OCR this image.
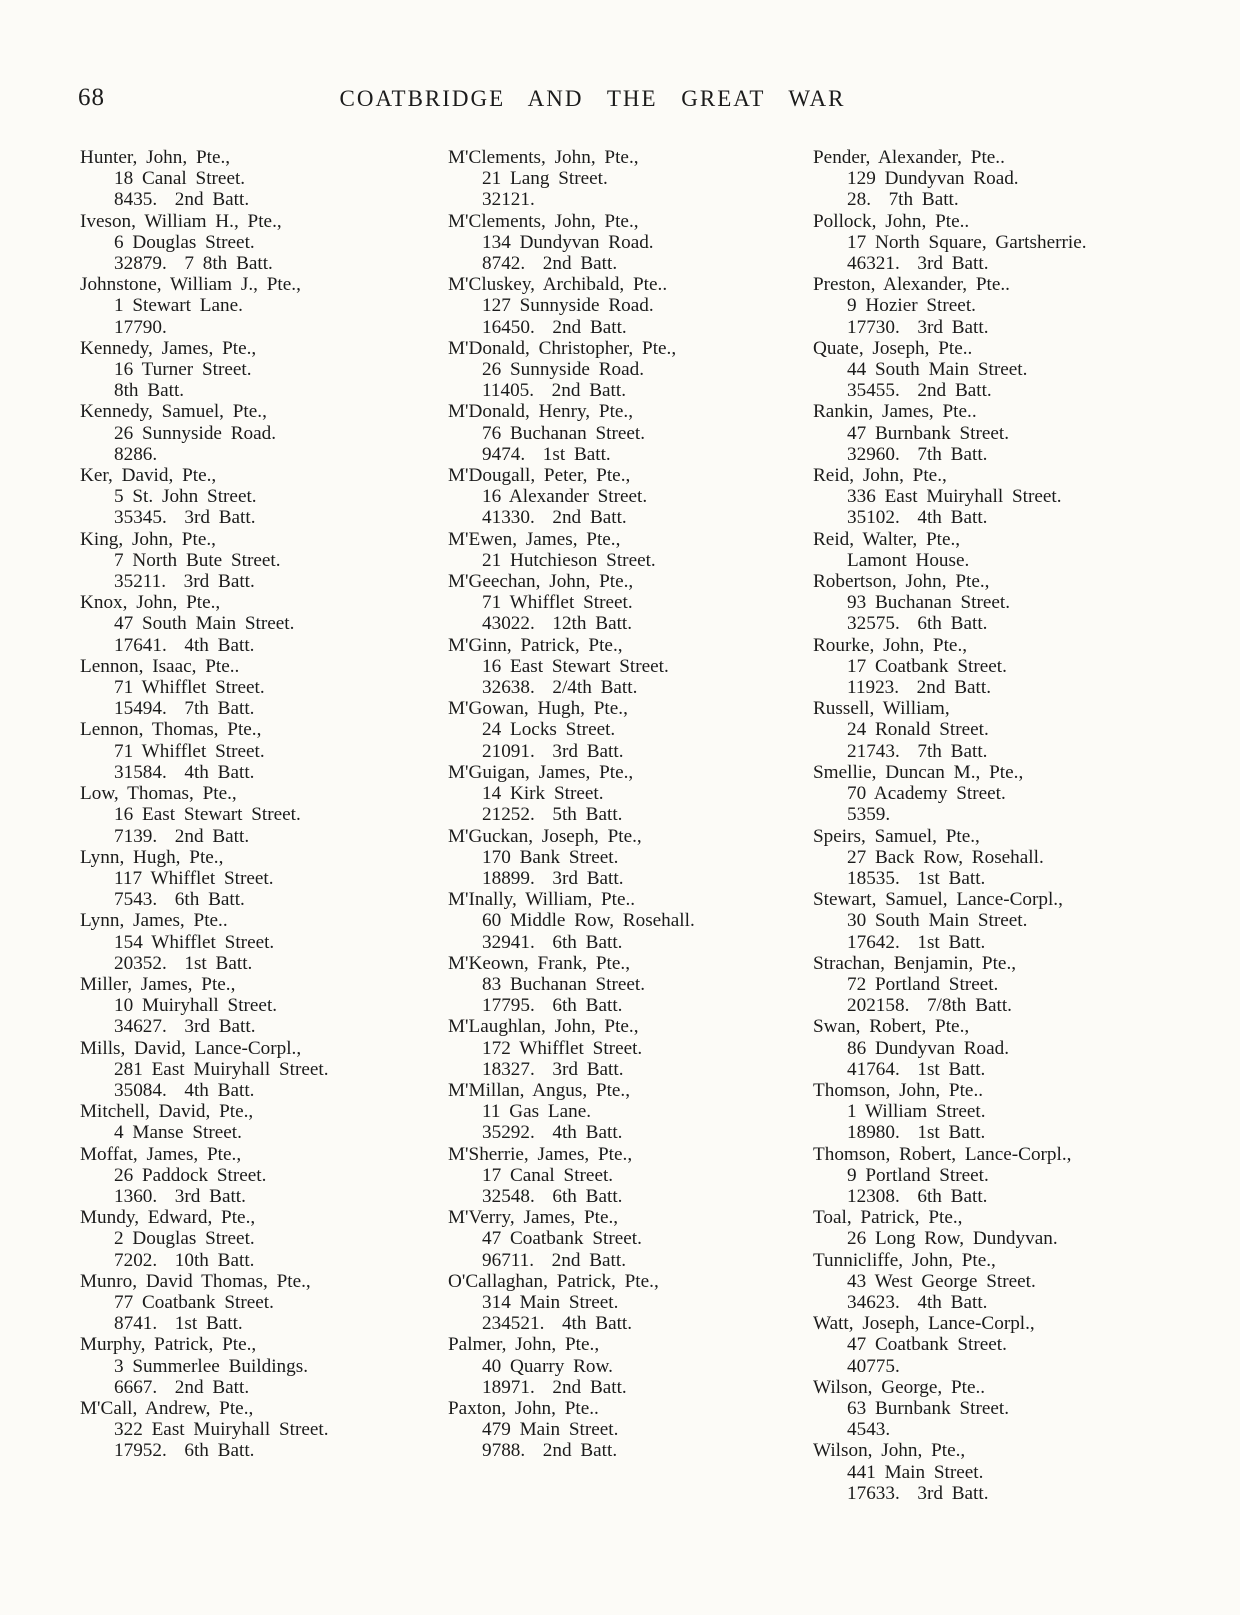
68	COATBRIDGE AND THE GREAT WAR
Hunter, John, Pte.,
18 Canal Street.
8435.  2nd Batt.
Iveson, William H., Pte.,
6 Douglas Street.
32879.  7 8th Batt.
Johnstone, William J., Pte.,
1 Stewart Lane.
17790.
Kennedy, James, Pte.,
16 Turner Street.
8th Batt.
Kennedy, Samuel, Pte.,
26 Sunnyside Road.
8286.
Ker, David, Pte.,
5 St. John Street.
35345.  3rd Batt.
King, John, Pte.,
7 North Bute Street.
35211.  3rd Batt.
Knox, John, Pte.,
47 South Main Street.
17641.  4th Batt.
Lennon, Isaac, Pte..
71 Whifflet Street.
15494.  7th Batt.
Lennon, Thomas, Pte.,
71 Whifflet Street.
31584.  4th Batt.
Low, Thomas, Pte.,
16 East Stewart Street.
7139.  2nd Batt.
Lynn, Hugh, Pte.,
117 Whifflet Street.
7543.  6th Batt.
Lynn, James, Pte..
154 Whifflet Street.
20352.  1st Batt.
Miller, James, Pte.,
10 Muiryhall Street.
34627.  3rd Batt.
Mills, David, Lance-Corpl.,
281 East Muiryhall Street.
35084.  4th Batt.
Mitchell, David, Pte.,
4 Manse Street.
Moffat, James, Pte.,
26 Paddock Street.
1360.  3rd Batt.
Mundy, Edward, Pte.,
2 Douglas Street.
7202.  10th Batt.
Munro, David Thomas, Pte.,
77 Coatbank Street.
8741.  1st Batt.
Murphy, Patrick, Pte.,
3 Summerlee Buildings.
6667.  2nd Batt.
M'Call, Andrew, Pte.,
322 East Muiryhall Street.
17952.  6th Batt.
M'Clements, John, Pte.,
21 Lang Street.
32121.
M'Clements, John, Pte.,
134 Dundyvan Road.
8742.  2nd Batt.
M'Cluskey, Archibald, Pte..
127 Sunnyside Road.
16450.  2nd Batt.
M'Donald, Christopher, Pte.,
26 Sunnyside Road.
11405.  2nd Batt.
M'Donald, Henry, Pte.,
76 Buchanan Street.
9474.  1st Batt.
M'Dougall, Peter, Pte.,
16 Alexander Street.
41330.  2nd Batt.
M'Ewen, James, Pte.,
21 Hutchieson Street.
M'Geechan, John, Pte.,
71 Whifflet Street.
43022.  12th Batt.
M'Ginn, Patrick, Pte.,
16 East Stewart Street.
32638.  2/4th Batt.
M'Gowan, Hugh, Pte.,
24 Locks Street.
21091.  3rd Batt.
M'Guigan, James, Pte.,
14 Kirk Street.
21252.  5th Batt.
M'Guckan, Joseph, Pte.,
170 Bank Street.
18899.  3rd Batt.
M'Inally, William, Pte..
60 Middle Row, Rosehall.
32941.  6th Batt.
M'Keown, Frank, Pte.,
83 Buchanan Street.
17795.  6th Batt.
M'Laughlan, John, Pte.,
172 Whifflet Street.
18327.  3rd Batt.
M'Millan, Angus, Pte.,
11 Gas Lane.
35292.  4th Batt.
M'Sherrie, James, Pte.,
17 Canal Street.
32548.  6th Batt.
M'Verry, James, Pte.,
47 Coatbank Street.
96711.  2nd Batt.
O'Callaghan, Patrick, Pte.,
314 Main Street.
234521.  4th Batt.
Palmer, John, Pte.,
40 Quarry Row.
18971.  2nd Batt.
Paxton, John, Pte..
479 Main Street.
9788.  2nd Batt.
Pender, Alexander, Pte..
129 Dundyvan Road.
28.  7th Batt.
Pollock, John, Pte..
17 North Square, Gartsherrie.
46321.  3rd Batt.
Preston, Alexander, Pte..
9 Hozier Street.
17730.  3rd Batt.
Quate, Joseph, Pte..
44 South Main Street.
35455.  2nd Batt.
Rankin, James, Pte..
47 Burnbank Street.
32960.  7th Batt.
Reid, John, Pte.,
336 East Muiryhall Street.
35102.  4th Batt.
Reid, Walter, Pte.,
Lamont House.
Robertson, John, Pte.,
93 Buchanan Street.
32575.  6th Batt.
Rourke, John, Pte.,
17 Coatbank Street.
11923.  2nd Batt.
Russell, William,
24 Ronald Street.
21743.  7th Batt.
Smellie, Duncan M., Pte.,
70 Academy Street.
5359.
Speirs, Samuel, Pte.,
27 Back Row, Rosehall.
18535.  1st Batt.
Stewart, Samuel, Lance-Corpl.,
30 South Main Street.
17642.  1st Batt.
Strachan, Benjamin, Pte.,
72 Portland Street.
202158.  7/8th Batt.
Swan, Robert, Pte.,
86 Dundyvan Road.
41764.  1st Batt.
Thomson, John, Pte..
1 William Street.
18980.  1st Batt.
Thomson, Robert, Lance-Corpl.,
9 Portland Street.
12308.  6th Batt.
Toal, Patrick, Pte.,
26 Long Row, Dundyvan.
Tunnicliffe, John, Pte.,
43 West George Street.
34623.  4th Batt.
Watt, Joseph, Lance-Corpl.,
47 Coatbank Street.
40775.
Wilson, George, Pte..
63 Burnbank Street.
4543.
Wilson, John, Pte.,
441 Main Street.
17633.  3rd Batt.
